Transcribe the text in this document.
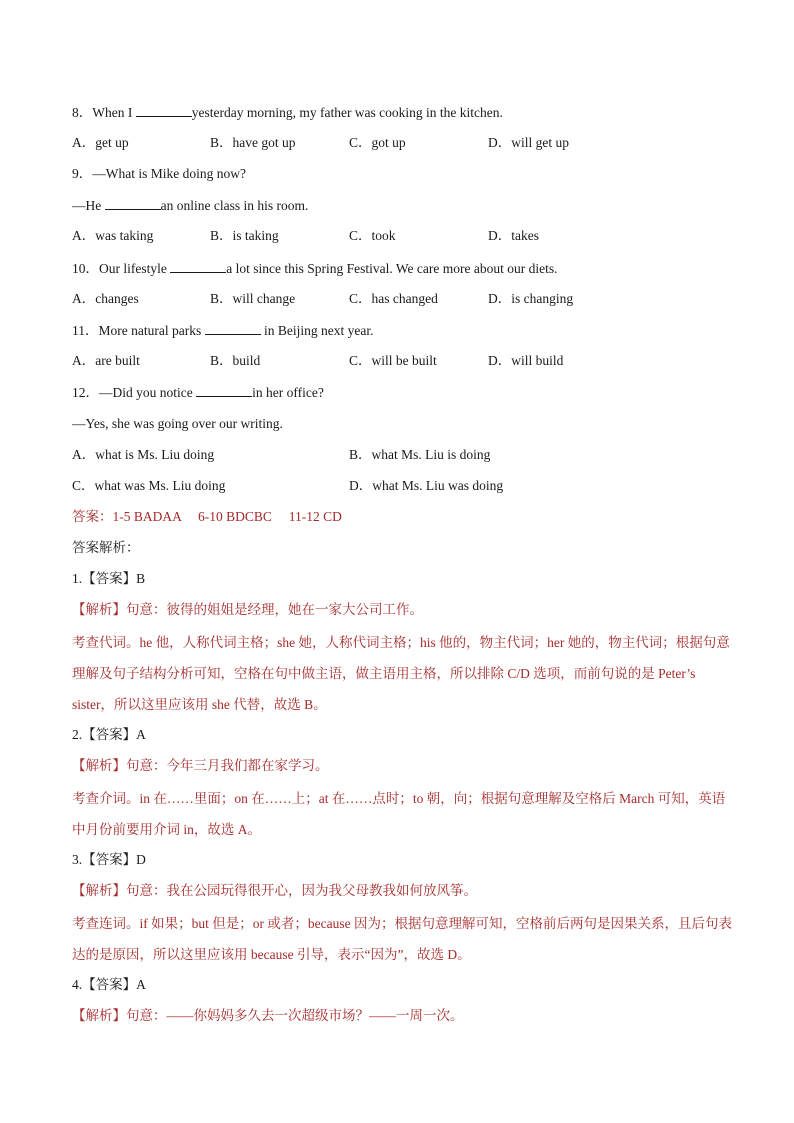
8．When I	yesterday morning, my father was cooking in the kitchen.
A．get up	B．have got up	C．got up	D．will get up
9．—What is Mike doing now?
—He	an online class in his room.
A．was taking	B．is taking	C．took	D．takes
10．Our lifestyle	a lot since this Spring Festival. We care more about our diets.
A．changes	B．will change	C．has changed	D．is changing
11．More natural parks	in Beijing next year.
A．are built	B．build	C．will be built	D．will build
12．—Did you notice	in her office?
—Yes, she was going over our writing.
A．what is Ms. Liu doing	B．what Ms. Liu is doing
C．what was Ms. Liu doing	D．what Ms. Liu was doing
答案：1-5 BADAA     6-10 BDCBC     11-12 CD
答案解析：
1.【答案】B
【解析】句意：彼得的姐姐是经理，她在一家大公司工作。
考查代词。he 他，人称代词主格；she 她，人称代词主格；his 他的，物主代词；her 她的，物主代词；根据句意理解及句子结构分析可知，空格在句中做主语，做主语用主格，所以排除 C/D 选项，而前句说的是 Peter’s sister，所以这里应该用 she 代替，故选 B。
2.【答案】A
【解析】句意：今年三月我们都在家学习。
考查介词。in 在……里面；on 在……上；at 在……点时；to 朝，向；根据句意理解及空格后 March 可知，英语中月份前要用介词 in，故选 A。
3.【答案】D
【解析】句意：我在公园玩得很开心，因为我父母教我如何放风筝。
考查连词。if 如果；but 但是；or 或者；because 因为；根据句意理解可知，空格前后两句是因果关系，且后句表达的是原因，所以这里应该用 because 引导，表示“因为”，故选 D。
4.【答案】A
【解析】句意：——你妈妈多久去一次超级市场？——一周一次。
